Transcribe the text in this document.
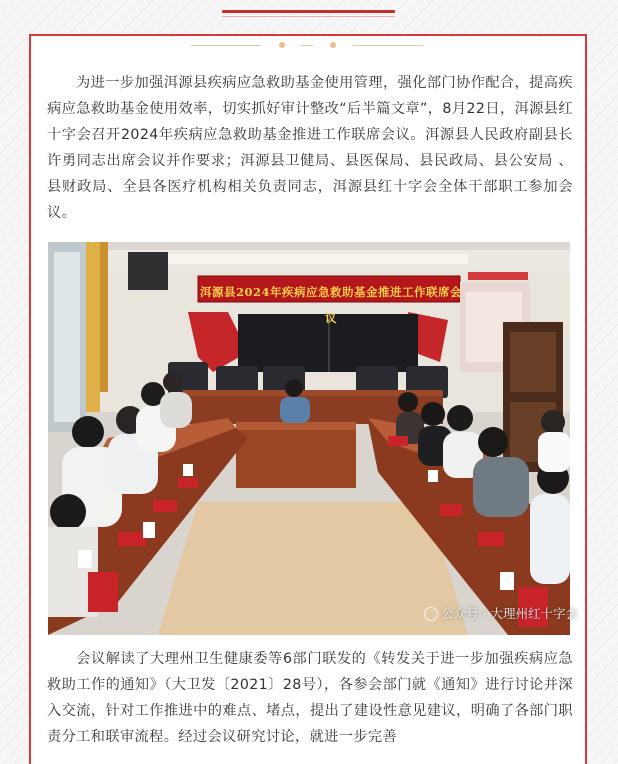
为进一步加强洱源县疾病应急救助基金使用管理，强化部门协作配合，提高疾病应急救助基金使用效率，切实抓好审计整改“后半篇文章”，8月22日，洱源县红十字会召开2024年疾病应急救助基金推进工作联席会议。洱源县人民政府副县长许勇同志出席会议并作要求；洱源县卫健局、县医保局、县民政局、县公安局 、县财政局、全县各医疗机构相关负责同志，洱源县红十字会全体干部职工参加会议。

洱源县2024年疾病应急救助基金推进工作联席会议
公众号 · 大理州红十字会

会议解读了大理州卫生健康委等6部门联发的《转发关于进一步加强疾病应急救助工作的通知》（大卫发〔2021〕28号），各参会部门就《通知》进行讨论并深入交流，针对工作推进中的难点、堵点，提出了建设性意见建议，明确了各部门职责分工和联审流程。经过会议研究讨论，就进一步完善
